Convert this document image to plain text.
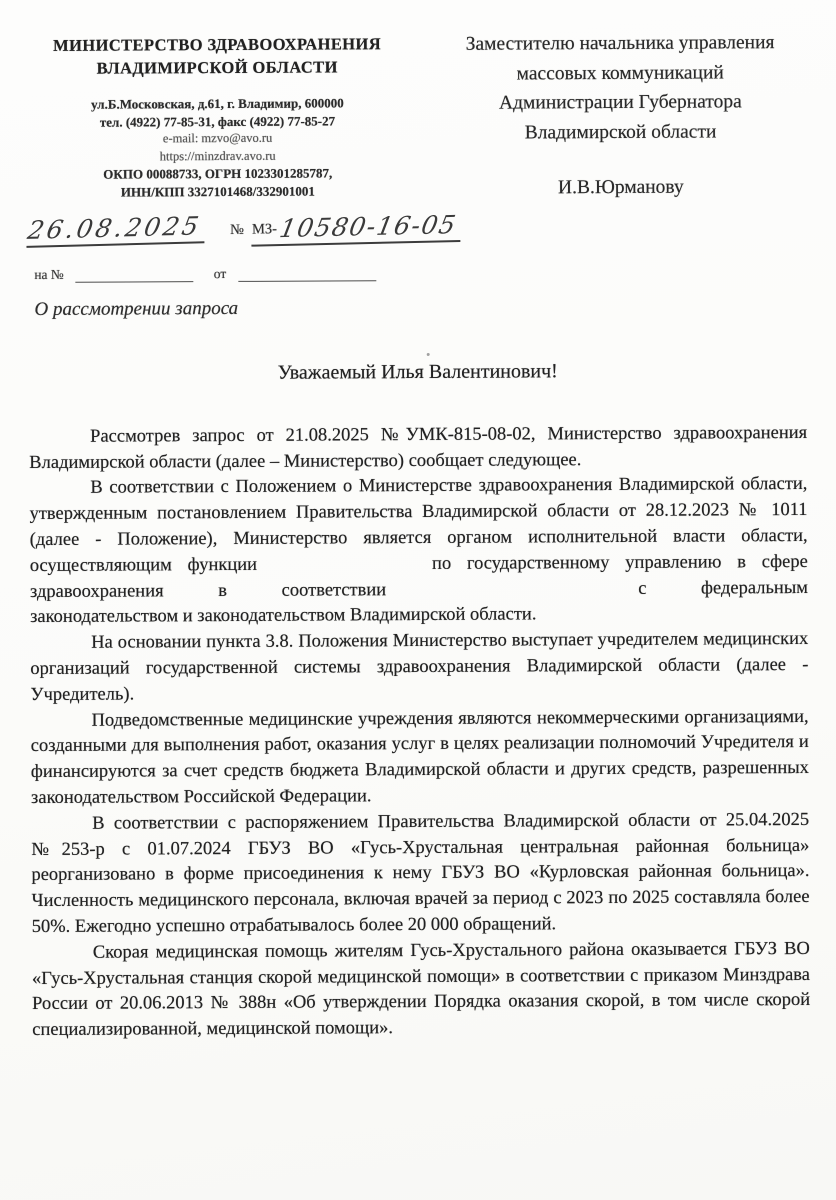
МИНИСТЕРСТВО ЗДРАВООХРАНЕНИЯ
ВЛАДИМИРСКОЙ ОБЛАСТИ
ул.Б.Московская, д.61, г. Владимир, 600000
тел. (4922) 77-85-31, факс (4922) 77-85-27
e-mail: mzvo@avo.ru
https://minzdrav.avo.ru
ОКПО 00088733, ОГРН 1023301285787,
ИНН/КПП 3327101468/332901001
Заместителю начальника управления
массовых коммуникаций
Администрации Губернатора
Владимирской области
И.В.Юрманову
26.08.2025 № МЗ- 10580-16-05
на №	от
О рассмотрении запроса
Уважаемый Илья Валентинович!

Рассмотрев запрос от 21.08.2025 №УМК-815-08-02, Министерство здравоохранения Владимирской области (далее – Министерство) сообщает следующее.

В соответствии с Положением о Министерстве здравоохранения Владимирской области, утвержденным постановлением Правительства Владимирской области от 28.12.2023 № 1011 (далее - Положение), Министерство является органом исполнительной власти области, осуществляющим функции	по государственному управлению в сфере здравоохранения в соответствии	с федеральным законодательством и законодательством Владимирской области.

На основании пункта 3.8. Положения Министерство выступает учредителем медицинских организаций государственной системы здравоохранения Владимирской области (далее - Учредитель).

Подведомственные медицинские учреждения являются некоммерческими организациями, созданными для выполнения работ, оказания услуг в целях реализации полномочий Учредителя и финансируются за счет средств бюджета Владимирской области и других средств, разрешенных законодательством Российской Федерации.

В соответствии с распоряжением Правительства Владимирской области от 25.04.2025 №253-р с 01.07.2024 ГБУЗ ВО «Гусь-Хрустальная центральная районная больница» реорганизовано в форме присоединения к нему ГБУЗ ВО «Курловская районная больница». Численность медицинского персонала, включая врачей за период с 2023 по 2025 составляла более 50%. Ежегодно успешно отрабатывалось более 20 000 обращений.

Скорая медицинская помощь жителям Гусь-Хрустального района оказывается ГБУЗ ВО «Гусь-Хрустальная станция скорой медицинской помощи» в соответствии с приказом Минздрава России от 20.06.2013 № 388н «Об утверждении Порядка оказания скорой, в том числе скорой специализированной, медицинской помощи».
